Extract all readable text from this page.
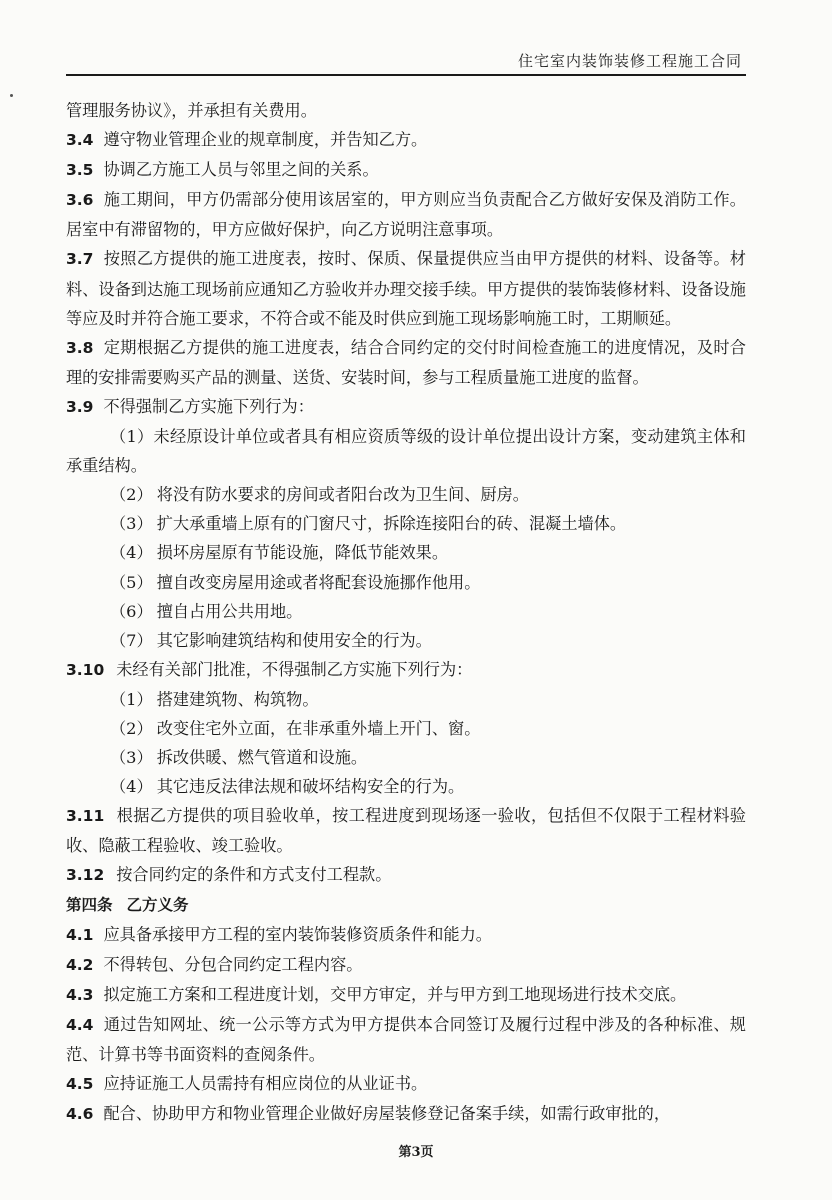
住宅室内装饰装修工程施工合同

管理服务协议》，并承担有关费用。

3.4 遵守物业管理企业的规章制度，并告知乙方。

3.5 协调乙方施工人员与邻里之间的关系。

3.6 施工期间，甲方仍需部分使用该居室的，甲方则应当负责配合乙方做好安保及消防工作。居室中有滞留物的，甲方应做好保护，向乙方说明注意事项。

3.7 按照乙方提供的施工进度表，按时、保质、保量提供应当由甲方提供的材料、设备等。材料、设备到达施工现场前应通知乙方验收并办理交接手续。甲方提供的装饰装修材料、设备设施等应及时并符合施工要求，不符合或不能及时供应到施工现场影响施工时，工期顺延。

3.8 定期根据乙方提供的施工进度表，结合合同约定的交付时间检查施工的进度情况，及时合理的安排需要购买产品的测量、送货、安装时间，参与工程质量施工进度的监督。

3.9 不得强制乙方实施下列行为：

（1）未经原设计单位或者具有相应资质等级的设计单位提出设计方案，变动建筑主体和承重结构。

（2） 将没有防水要求的房间或者阳台改为卫生间、厨房。

（3） 扩大承重墙上原有的门窗尺寸，拆除连接阳台的砖、混凝土墙体。

（4） 损坏房屋原有节能设施，降低节能效果。

（5） 擅自改变房屋用途或者将配套设施挪作他用。

（6） 擅自占用公共用地。

（7） 其它影响建筑结构和使用安全的行为。

3.10 未经有关部门批准，不得强制乙方实施下列行为：

（1） 搭建建筑物、构筑物。

（2） 改变住宅外立面，在非承重外墙上开门、窗。

（3） 拆改供暖、燃气管道和设施。

（4） 其它违反法律法规和破坏结构安全的行为。

3.11 根据乙方提供的项目验收单，按工程进度到现场逐一验收，包括但不仅限于工程材料验收、隐蔽工程验收、竣工验收。

3.12 按合同约定的条件和方式支付工程款。

第四条 乙方义务

4.1 应具备承接甲方工程的室内装饰装修资质条件和能力。

4.2 不得转包、分包合同约定工程内容。

4.3 拟定施工方案和工程进度计划，交甲方审定，并与甲方到工地现场进行技术交底。

4.4 通过告知网址、统一公示等方式为甲方提供本合同签订及履行过程中涉及的各种标准、规范、计算书等书面资料的查阅条件。

4.5 应持证施工人员需持有相应岗位的从业证书。

4.6 配合、协助甲方和物业管理企业做好房屋装修登记备案手续，如需行政审批的，

第3页
